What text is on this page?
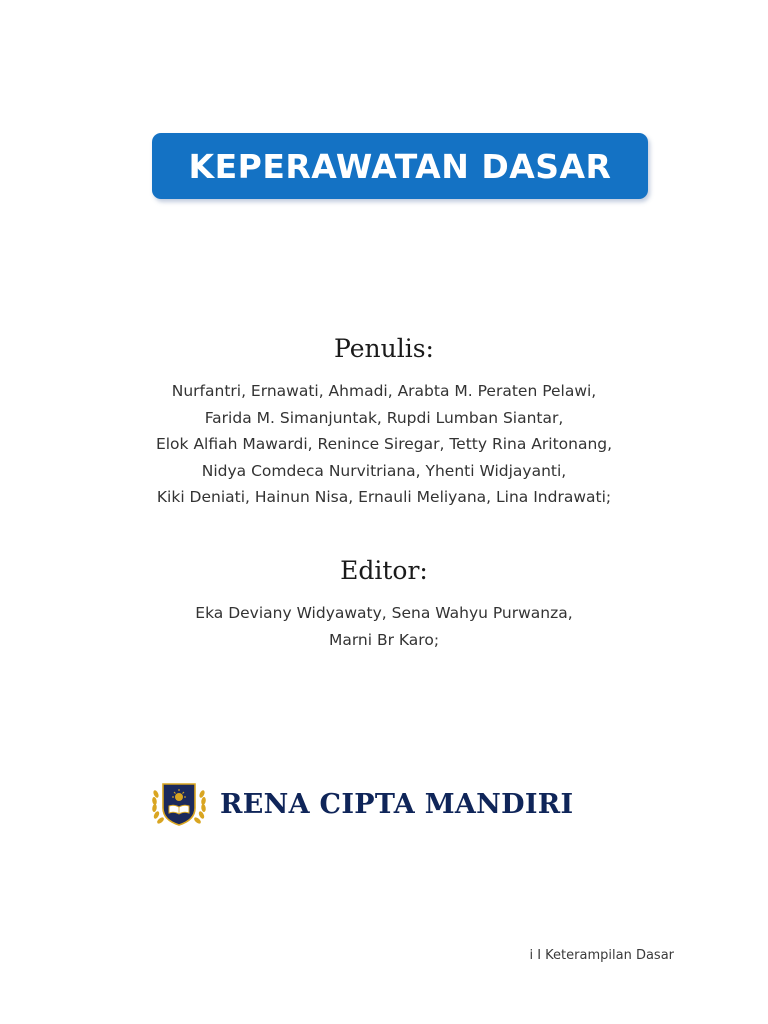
KEPERAWATAN DASAR
Penulis:
Nurfantri, Ernawati, Ahmadi, Arabta M. Peraten Pelawi,
Farida M. Simanjuntak, Rupdi Lumban Siantar,
Elok Alfiah Mawardi, Renince Siregar, Tetty Rina Aritonang,
Nidya Comdeca Nurvitriana, Yhenti Widjayanti,
Kiki Deniati, Hainun Nisa, Ernauli Meliyana, Lina Indrawati;
Editor:
Eka Deviany Widyawaty, Sena Wahyu Purwanza,
Marni Br Karo;
RENA CIPTA MANDIRI
i I Keterampilan Dasar
